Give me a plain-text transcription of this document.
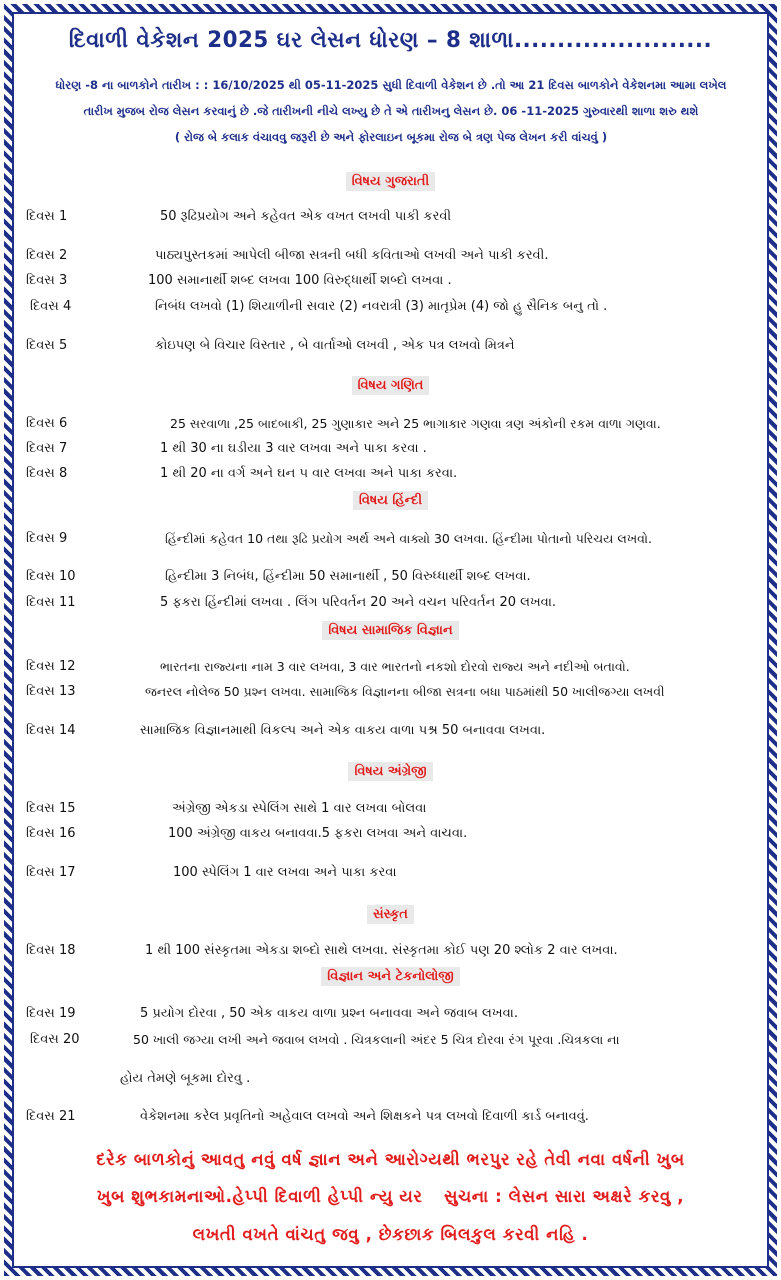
દિવાળી વેકેશન 2025 ઘર લેસન ધોરણ – 8 શાળા.......................
ધોરણ -8 ના બાળકોને તારીખ : : 16/10/2025 થી 05-11-2025 સુધી દિવાળી વેકેશન છે .તો આ 21 દિવસ બાળકોને વેકેશનમા આમા લખેલ
તારીખ મુજબ રોજ લેસન કરવાનું છે .જે તારીખની નીચે લખ્યુ છે તે એ તારીખનુ લેસન છે. 06 -11-2025 ગુરુવારથી શાળા શરુ થશે
( રોજ બે કલાક વંચાવવુ જરૂરી છે અને ફોરલાઇન બૂકમા રોજ બે ત્રણ પેજ લેખન કરી વાંચવું )
વિષય ગુજરાતી
વિષય ગણિત
વિષય હિંન્દી
વિષય સામાજિક વિજ્ઞાન
વિષય અંગ્રેજી
સંસ્કૃત
વિજ્ઞાન અને ટેકનોલોજી
દિવસ 1	50 રૂઢિપ્રયોગ અને કહેવત એક વખત લખવી પાકી કરવી
દિવસ 2	પાઠ્યપુસ્તકમાં આપેલી બીજા સત્રની બધી કવિતાઓ લખવી અને પાકી કરવી.
દિવસ 3	100 સમાનાર્થી શબ્દ લખવા 100 વિરુદ્ધાર્થી શબ્દો લખવા .
દિવસ 4	નિબંધ લખવો (1) શિયાળીની સવાર (2) નવરાત્રી (3) માતૃપ્રેમ (4) જો હુ સૈનિક બનુ તો .
દિવસ 5	કોઇપણ બે વિચાર વિસ્તાર , બે વાર્તાઓ લખવી , એક પત્ર લખવો મિત્રને
દિવસ 6	25 સરવાળા ,25 બાદબાકી, 25 ગુણાકાર અને 25 ભાગાકાર ગણવા ત્રણ અંકોની રકમ વાળા ગણવા.
દિવસ 7	1 થી 30 ના ઘડીયા 3 વાર લખવા અને પાકા કરવા .
દિવસ 8	1 થી 20 ના વર્ગ અને ઘન ૫ વાર લખવા અને પાકા કરવા.
દિવસ 9	હિંન્દીમાં કહેવત 10 તથા રૂઢિ પ્રયોગ અર્થ અને વાક્યો 30 લખવા. હિંન્દીમા પોતાનો પરિચય લખવો.
દિવસ 10	હિન્દીમા 3 નિબંધ, હિંન્દીમા 50 સમાનાર્થી , 50 વિરુધ્ધાર્થી શબ્દ લખવા.
દિવસ 11	5 ફકરા હિંન્દીમાં લખવા . લિંગ પરિવર્તન 20 અને વચન પરિવર્તન 20 લખવા.
દિવસ 12	ભારતના રાજ્યના નામ 3 વાર લખવા, 3 વાર ભારતનો નકશો દોરવો રાજ્ય અને નદીઓ બતાવો.
દિવસ 13	જનરલ નોલેજ 50 પ્રશ્ન લખવા. સામાજિક વિજ્ઞાનના બીજા સત્રના બધા પાઠમાંથી 50 ખાલીજગ્યા લખવી
દિવસ 14	સામાજિક વિજ્ઞાનમાથી વિકલ્પ અને એક વાકય વાળા પશ્ર 50 બનાવવા લખવા.
દિવસ 15	અંગ્રેજી એકડા સ્પેલિંગ સાથે 1 વાર લખવા બોલવા
દિવસ 16	100 અંગ્રેજી વાકય બનાવવા.5 ફકરા લખવા અને વાચવા.
દિવસ 17	100 સ્પેલિંગ 1 વાર લખવા અને પાકા કરવા
દિવસ 18	1 થી 100 સંસ્કૃતમા એકડા શબ્દો સાથે લખવા. સંસ્કૃતમા કોઈ પણ 20 શ્લોક 2 વાર લખવા.
દિવસ 19	5 પ્રયોગ દોરવા , 50 એક વાકય વાળા પ્રશ્ન બનાવવા અને જવાબ લખવા.
દિવસ 20	50 ખાલી જગ્યા લખી અને જવાબ લખવો . ચિત્રકલાની અંદર 5 ચિત્ર દોરવા રંગ પૂરવા .ચિત્રકલા ના
હોય તેમણે બૂકમા દોરવુ .
દિવસ 21	વેકેશનમા કરેલ પ્રવૃતિનો અહેવાલ લખવો અને શિક્ષકને પત્ર લખવો દિવાળી કાર્ડ બનાવવું.
દરેક બાળકોનું આવતુ નવું વર્ષ જ્ઞાન અને આરોગ્યથી ભરપુર રહે તેવી નવા વર્ષની ખુબ
ખુબ શુભકામનાઓ.હેપ્પી દિવાળી હેપ્પી ન્યુ યર સુચના : લેસન સારા અક્ષરે કરવુ ,
લખતી વખતે વાંચતુ જવુ , છેકછાક બિલકુલ કરવી નહિ .
